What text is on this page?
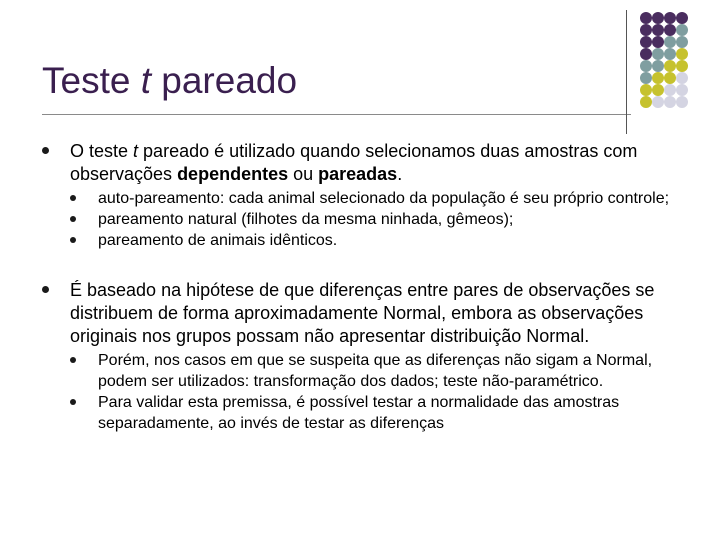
Teste t pareado
O teste t pareado é utilizado quando selecionamos duas amostras com observações dependentes ou pareadas.
auto-pareamento: cada animal selecionado da população é seu próprio controle;
pareamento natural (filhotes da mesma ninhada, gêmeos);
pareamento de animais idênticos.
É baseado na hipótese de que diferenças entre pares de observações se distribuem de forma aproximadamente Normal, embora as observações originais nos grupos possam não apresentar distribuição Normal.
Porém, nos casos em que se suspeita que as diferenças não sigam a Normal, podem ser utilizados: transformação dos dados; teste não-paramétrico.
Para validar esta premissa, é possível testar a normalidade das amostras separadamente, ao invés de testar as diferenças
